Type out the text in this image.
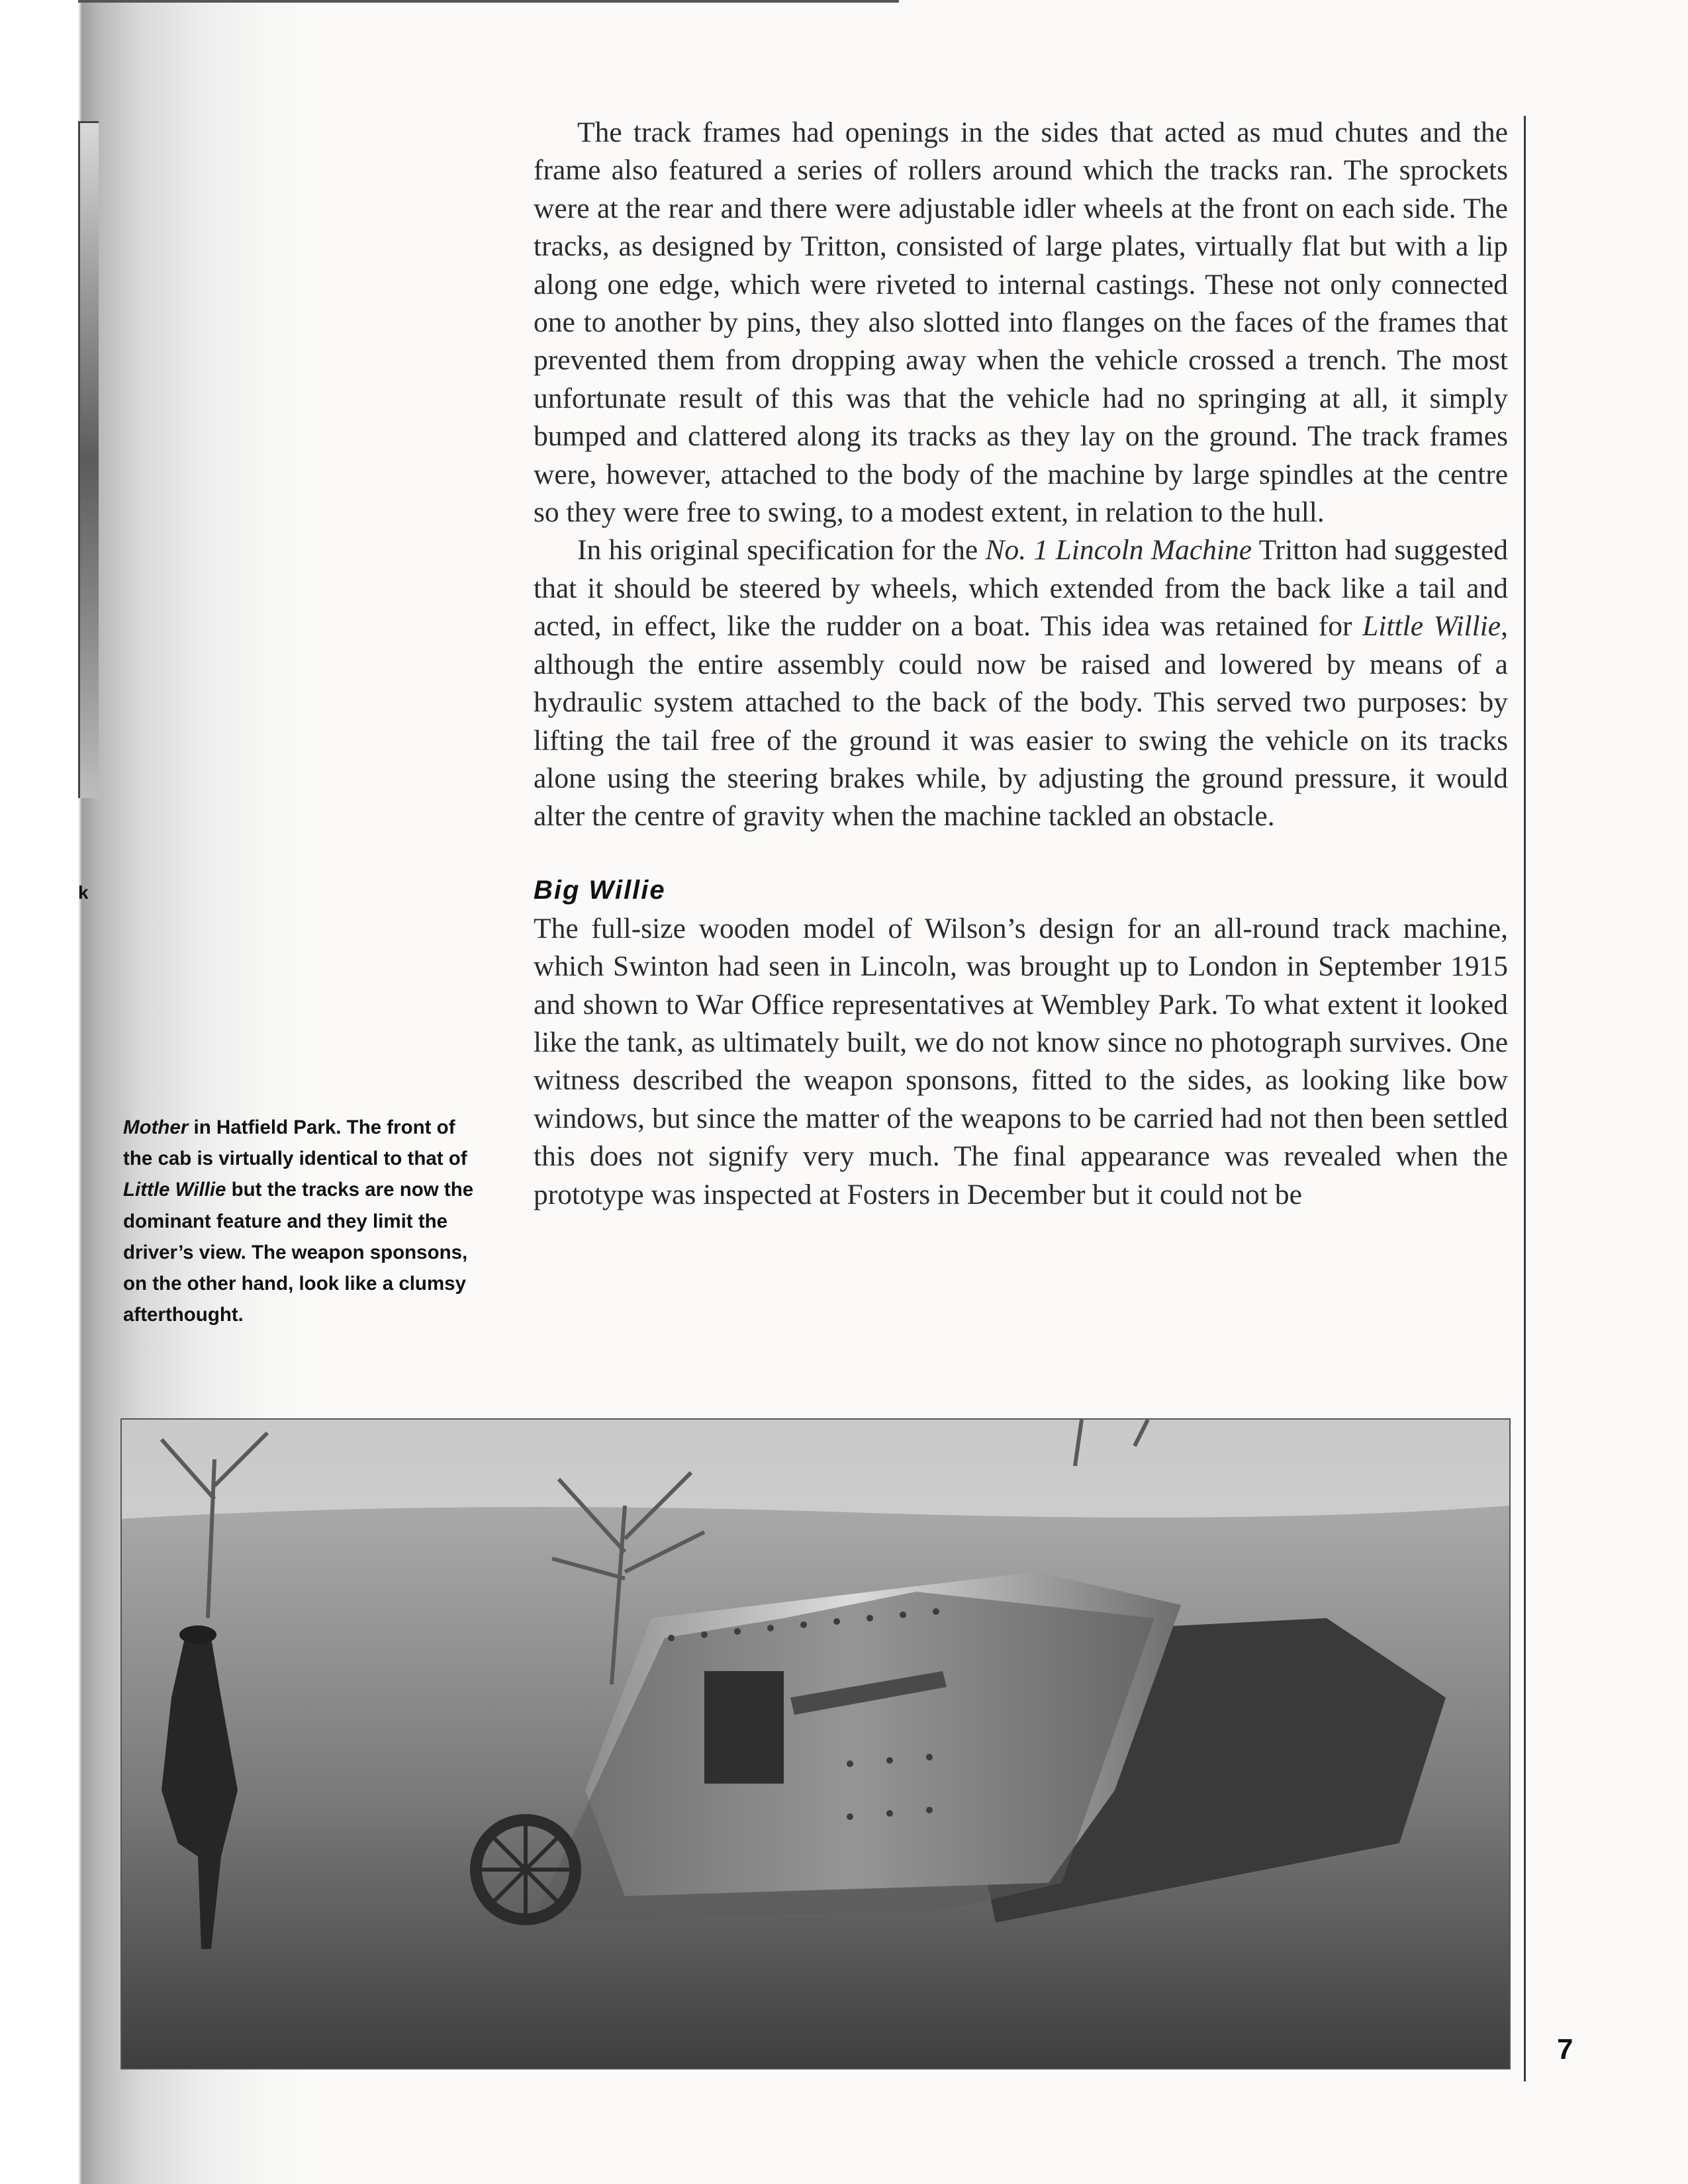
k

The track frames had openings in the sides that acted as mud chutes and the frame also featured a series of rollers around which the tracks ran. The sprockets were at the rear and there were adjustable idler wheels at the front on each side. The tracks, as designed by Tritton, consisted of large plates, virtually flat but with a lip along one edge, which were riveted to internal castings. These not only connected one to another by pins, they also slotted into flanges on the faces of the frames that prevented them from dropping away when the vehicle crossed a trench. The most unfortunate result of this was that the vehicle had no springing at all, it simply bumped and clattered along its tracks as they lay on the ground. The track frames were, however, attached to the body of the machine by large spindles at the centre so they were free to swing, to a modest extent, in relation to the hull.

In his original specification for the No. 1 Lincoln Machine Tritton had suggested that it should be steered by wheels, which extended from the back like a tail and acted, in effect, like the rudder on a boat. This idea was retained for Little Willie, although the entire assembly could now be raised and lowered by means of a hydraulic system attached to the back of the body. This served two purposes: by lifting the tail free of the ground it was easier to swing the vehicle on its tracks alone using the steering brakes while, by adjusting the ground pressure, it would alter the centre of gravity when the machine tackled an obstacle.

Big Willie

The full-size wooden model of Wilson’s design for an all-round track machine, which Swinton had seen in Lincoln, was brought up to London in September 1915 and shown to War Office representatives at Wembley Park. To what extent it looked like the tank, as ultimately built, we do not know since no photograph survives. One witness described the weapon sponsons, fitted to the sides, as looking like bow windows, but since the matter of the weapons to be carried had not then been settled this does not signify very much. The final appearance was revealed when the prototype was inspected at Fosters in December but it could not be

Mother in Hatfield Park. The front of the cab is virtually identical to that of Little Willie but the tracks are now the dominant feature and they limit the driver’s view. The weapon sponsons, on the other hand, look like a clumsy afterthought.
7
